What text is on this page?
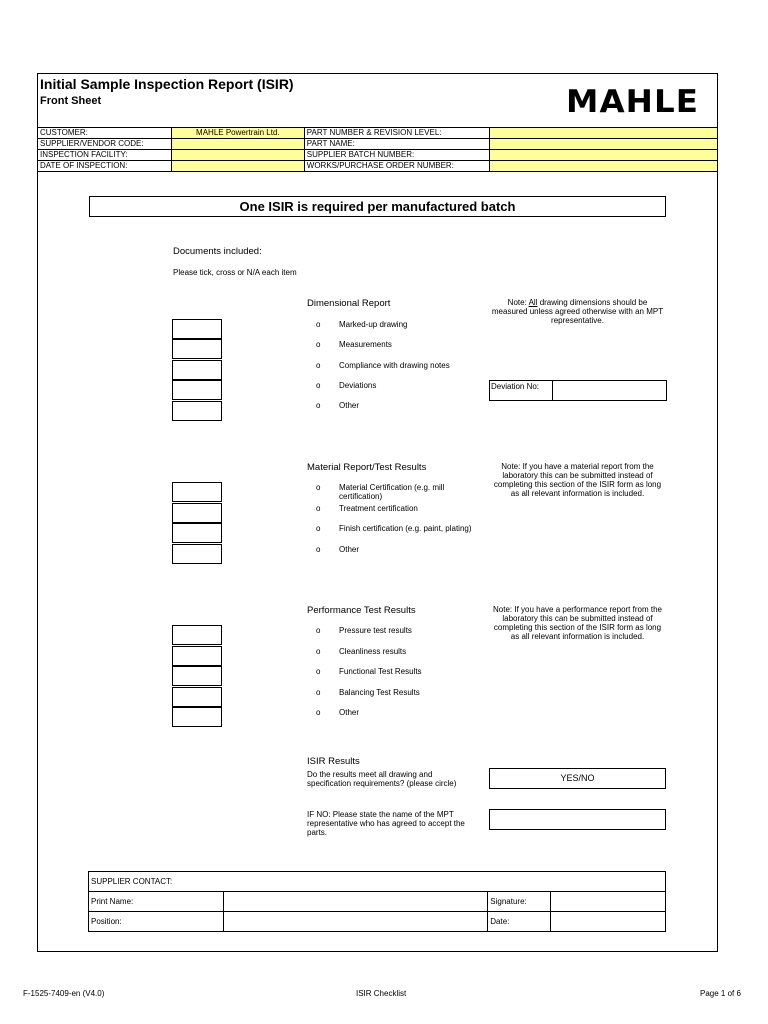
Initial Sample Inspection Report (ISIR)
Front Sheet	MAHLE
CUSTOMER:	MAHLE Powertrain Ltd.	PART NUMBER & REVISION LEVEL:	
SUPPLIER/VENDOR CODE:		PART NAME:	
INSPECTION FACILITY:		SUPPLIER BATCH NUMBER:	
DATE OF INSPECTION:		WORKS/PURCHASE ORDER NUMBER:	
One ISIR is required per manufactured batch
Documents included:
Please tick, cross or N/A each item
Dimensional Report	Note: All drawing dimensions should be measured unless agreed otherwise with an MPT representative.
o
o
o
o
o
Marked-up drawing
Measurements
Compliance with drawing notes
Deviations
Other
Deviation No:
Material Report/Test Results	Note: If you have a material report from the laboratory this can be submitted instead of completing this section of the ISIR form as long as all relevant information is included.
o
o
o
o
Material Certification (e.g. mill certification)
Treatment certification
Finish certification (e.g. paint, plating)
Other
Performance Test Results	Note: If you have a performance report from the laboratory this can be submitted instead of completing this section of the ISIR form as long as all relevant information is included.
o
o
o
o
o
Pressure test results
Cleanliness results
Functional Test Results
Balancing Test Results
Other
ISIR Results
Do the results meet all drawing and specification requirements? (please circle)
YES/NO
IF NO: Please state the name of the MPT representative who has agreed to accept the parts.
SUPPLIER CONTACT:			
Print Name:		Signature:	
Position:		Date:	
F-1525-7409-en (V4.0)	ISIR Checklist	Page 1 of 6
